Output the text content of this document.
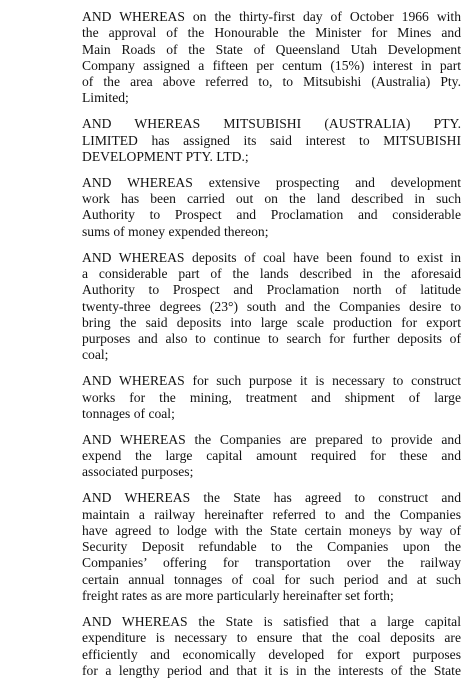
AND WHEREAS on the thirty-first day of October 1966 with
the approval of the Honourable the Minister for Mines and
Main Roads of the State of Queensland Utah Development
Company assigned a fifteen per centum (15%) interest in part
of the area above referred to, to Mitsubishi (Australia) Pty.
Limited;
AND WHEREAS MITSUBISHI (AUSTRALIA) PTY.
LIMITED has assigned its said interest to MITSUBISHI
DEVELOPMENT PTY. LTD.;
AND WHEREAS extensive prospecting and development
work has been carried out on the land described in such
Authority to Prospect and Proclamation and considerable
sums of money expended thereon;
AND WHEREAS deposits of coal have been found to exist in
a considerable part of the lands described in the aforesaid
Authority to Prospect and Proclamation north of latitude
twenty-three degrees (23°) south and the Companies desire to
bring the said deposits into large scale production for export
purposes and also to continue to search for further deposits of
coal;
AND WHEREAS for such purpose it is necessary to construct
works for the mining, treatment and shipment of large
tonnages of coal;
AND WHEREAS the Companies are prepared to provide and
expend the large capital amount required for these and
associated purposes;
AND WHEREAS the State has agreed to construct and
maintain a railway hereinafter referred to and the Companies
have agreed to lodge with the State certain moneys by way of
Security Deposit refundable to the Companies upon the
Companies’ offering for transportation over the railway
certain annual tonnages of coal for such period and at such
freight rates as are more particularly hereinafter set forth;
AND WHEREAS the State is satisfied that a large capital
expenditure is necessary to ensure that the coal deposits are
efficiently and economically developed for export purposes
for a lengthy period and that it is in the interests of the State
